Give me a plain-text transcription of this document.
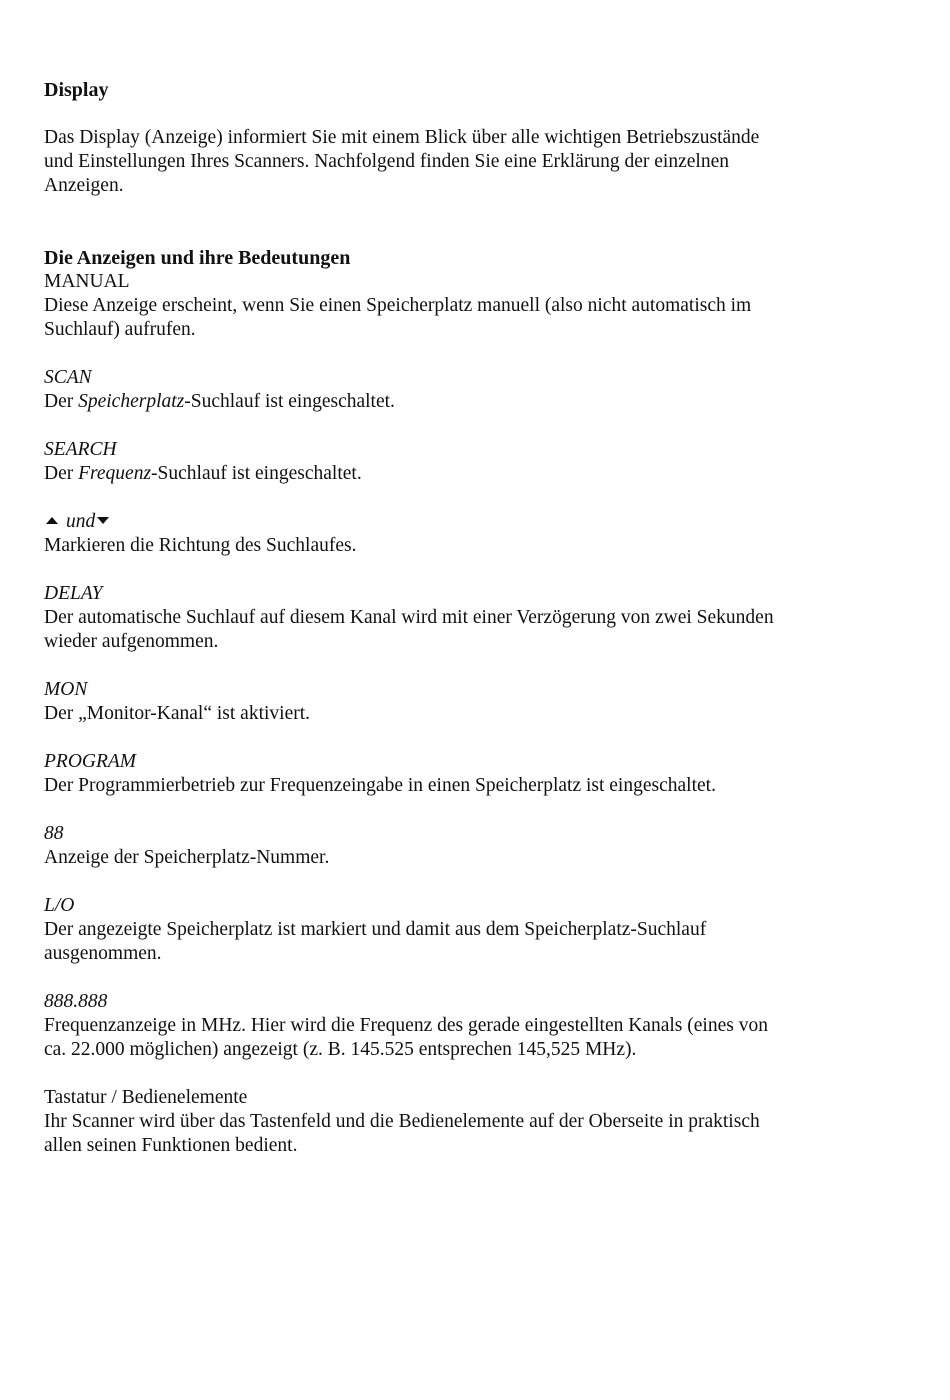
Display

Das Display (Anzeige) informiert Sie mit einem Blick über alle wichtigen Betriebszustände

und Einstellungen Ihres Scanners. Nachfolgend finden Sie eine Erklärung der einzelnen

Anzeigen.

Die Anzeigen und ihre Bedeutungen

MANUAL

Diese Anzeige erscheint, wenn Sie einen Speicherplatz manuell (also nicht automatisch im

Suchlauf) aufrufen.

SCAN

Der Speicherplatz-Suchlauf ist eingeschaltet.

SEARCH

Der Frequenz-Suchlauf ist eingeschaltet.

und

Markieren die Richtung des Suchlaufes.

DELAY

Der automatische Suchlauf auf diesem Kanal wird mit einer Verzögerung von zwei Sekunden

wieder aufgenommen.

MON

Der „Monitor-Kanal“ ist aktiviert.

PROGRAM

Der Programmierbetrieb zur Frequenzeingabe in einen Speicherplatz ist eingeschaltet.

88

Anzeige der Speicherplatz-Nummer.

L/O

Der angezeigte Speicherplatz ist markiert und damit aus dem Speicherplatz-Suchlauf

ausgenommen.

888.888

Frequenzanzeige in MHz. Hier wird die Frequenz des gerade eingestellten Kanals (eines von

ca. 22.000 möglichen) angezeigt (z. B. 145.525 entsprechen 145,525 MHz).

Tastatur / Bedienelemente

Ihr Scanner wird über das Tastenfeld und die Bedienelemente auf der Oberseite in praktisch

allen seinen Funktionen bedient.
